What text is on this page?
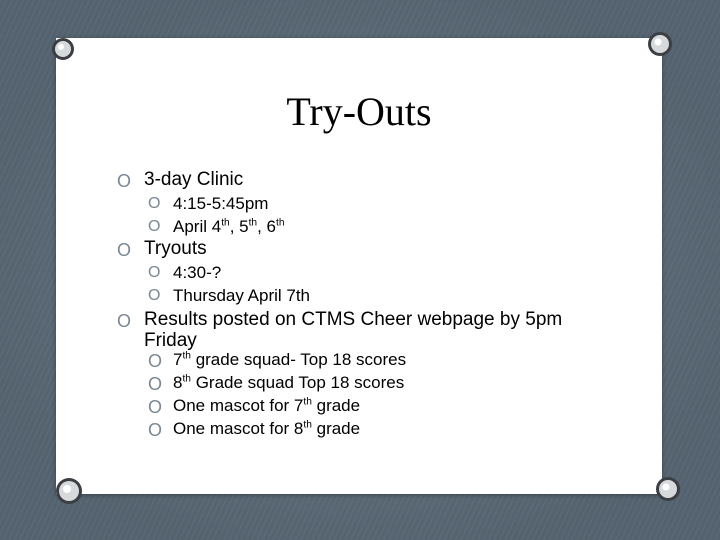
Try-Outs
O 3-day Clinic
O 4:15-5:45pm
O April 4th, 5th, 6th
O Tryouts
O 4:30-?
O Thursday April 7th
O Results posted on CTMS Cheer webpage by 5pm
Friday
O 7th grade squad- Top 18 scores
O 8th Grade squad Top 18 scores
O One mascot for 7th grade
O One mascot for 8th grade
